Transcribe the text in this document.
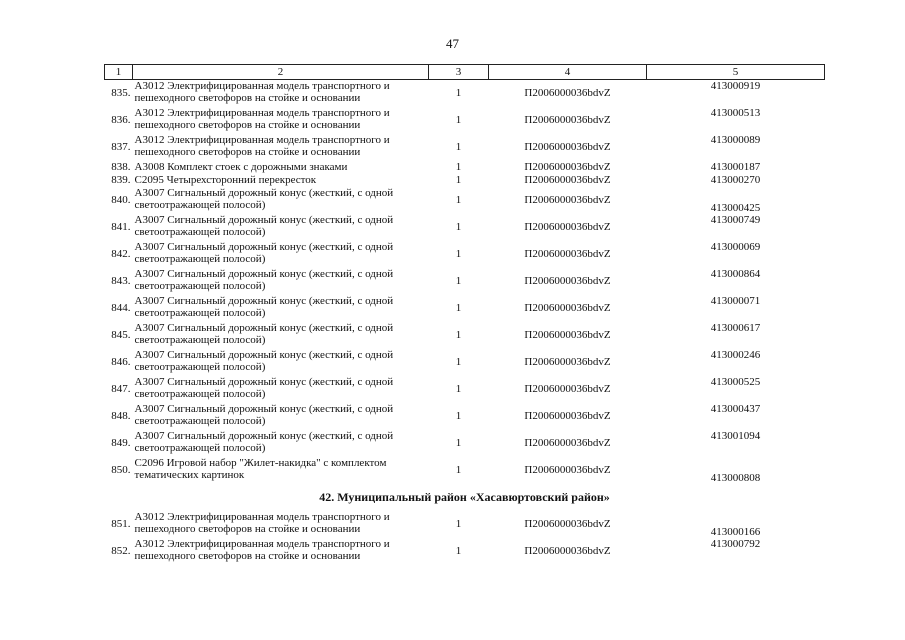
47
1	2	3	4	5
835.	А3012 Электрифицированная модель транспортного и
пешеходного светофоров на стойке и основании	1	П2006000036bdvZ	413000919
836.	А3012 Электрифицированная модель транспортного и
пешеходного светофоров на стойке и основании	1	П2006000036bdvZ	413000513
837.	А3012 Электрифицированная модель транспортного и
пешеходного светофоров на стойке и основании	1	П2006000036bdvZ	413000089
838.	А3008 Комплект стоек с дорожными знаками	1	П2006000036bdvZ	413000187
839.	С2095 Четырехсторонний перекресток	1	П2006000036bdvZ	413000270
840.	А3007 Сигнальный дорожный конус (жесткий, с одной
светоотражающей полосой)	1	П2006000036bdvZ	413000425
841.	А3007 Сигнальный дорожный конус (жесткий, с одной
светоотражающей полосой)	1	П2006000036bdvZ	413000749
842.	А3007 Сигнальный дорожный конус (жесткий, с одной
светоотражающей полосой)	1	П2006000036bdvZ	413000069
843.	А3007 Сигнальный дорожный конус (жесткий, с одной
светоотражающей полосой)	1	П2006000036bdvZ	413000864
844.	А3007 Сигнальный дорожный конус (жесткий, с одной
светоотражающей полосой)	1	П2006000036bdvZ	413000071
845.	А3007 Сигнальный дорожный конус (жесткий, с одной
светоотражающей полосой)	1	П2006000036bdvZ	413000617
846.	А3007 Сигнальный дорожный конус (жесткий, с одной
светоотражающей полосой)	1	П2006000036bdvZ	413000246
847.	А3007 Сигнальный дорожный конус (жесткий, с одной
светоотражающей полосой)	1	П2006000036bdvZ	413000525
848.	А3007 Сигнальный дорожный конус (жесткий, с одной
светоотражающей полосой)	1	П2006000036bdvZ	413000437
849.	А3007 Сигнальный дорожный конус (жесткий, с одной
светоотражающей полосой)	1	П2006000036bdvZ	413001094
850.	С2096 Игровой набор "Жилет-накидка" с комплектом
тематических картинок	1	П2006000036bdvZ	413000808
42. Муниципальный район «Хасавюртовский район»				
851.	А3012 Электрифицированная модель транспортного и
пешеходного светофоров на стойке и основании	1	П2006000036bdvZ	413000166
852.	А3012 Электрифицированная модель транспортного и
пешеходного светофоров на стойке и основании	1	П2006000036bdvZ	413000792
